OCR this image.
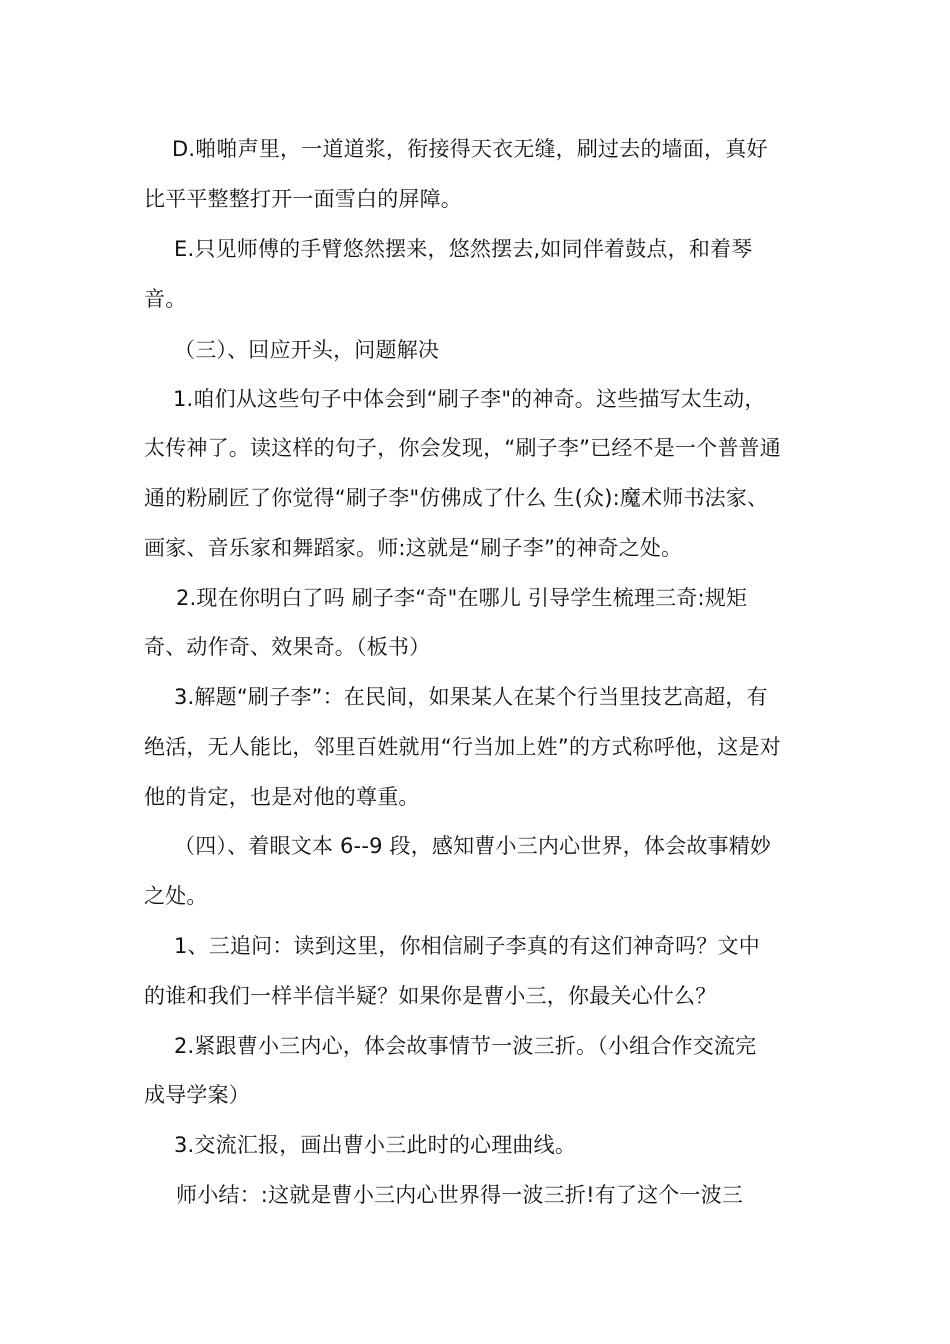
D.啪啪声里，一道道浆，衔接得天衣无缝，刷过去的墙面，真好
比平平整整打开一面雪白的屏障。
E.只见师傅的手臂悠然摆来，悠然摆去,如同伴着鼓点，和着琴
音。
（三）、回应开头，问题解决
1.咱们从这些句子中体会到“刷子李"的神奇。这些描写太生动，
太传神了。读这样的句子，你会发现，“刷子李”已经不是一个普普通
通的粉刷匠了你觉得“刷子李"仿佛成了什么 生(众):魔术师书法家、
画家、音乐家和舞蹈家。师:这就是“刷子李”的神奇之处。
2.现在你明白了吗 刷子李“奇"在哪儿 引导学生梳理三奇:规矩
奇、动作奇、效果奇。（板书）
3.解题“刷子李”：在民间，如果某人在某个行当里技艺高超，有
绝活，无人能比，邻里百姓就用“行当加上姓”的方式称呼他，这是对
他的肯定，也是对他的尊重。
（四）、着眼文本 6--9 段，感知曹小三内心世界，体会故事精妙
之处。
1、三追问：读到这里，你相信刷子李真的有这们神奇吗？文中
的谁和我们一样半信半疑？如果你是曹小三，你最关心什么？
2.紧跟曹小三内心，体会故事情节一波三折。（小组合作交流完
成导学案）
3.交流汇报，画出曹小三此时的心理曲线。
师小结：:这就是曹小三内心世界得一波三折!有了这个一波三
